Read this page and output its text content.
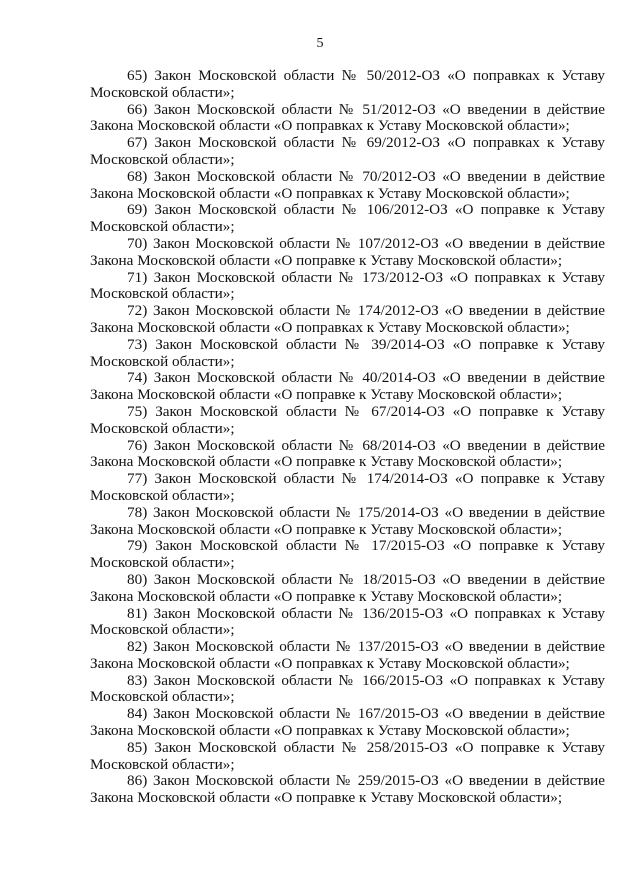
5

65) Закон Московской области № 50/2012-ОЗ «О поправках к Уставу Московской области»;

66) Закон Московской области № 51/2012-ОЗ «О введении в действие Закона Московской области «О поправках к Уставу Московской области»;

67) Закон Московской области № 69/2012-ОЗ «О поправках к Уставу Московской области»;

68) Закон Московской области № 70/2012-ОЗ «О введении в действие Закона Московской области «О поправках к Уставу Московской области»;

69) Закон Московской области № 106/2012-ОЗ «О поправке к Уставу Московской области»;

70) Закон Московской области № 107/2012-ОЗ «О введении в действие Закона Московской области «О поправке к Уставу Московской области»;

71) Закон Московской области № 173/2012-ОЗ «О поправках к Уставу Московской области»;

72) Закон Московской области № 174/2012-ОЗ «О введении в действие Закона Московской области «О поправках к Уставу Московской области»;

73) Закон Московской области № 39/2014-ОЗ «О поправке к Уставу Московской области»;

74) Закон Московской области № 40/2014-ОЗ «О введении в действие Закона Московской области «О поправке к Уставу Московской области»;

75) Закон Московской области № 67/2014-ОЗ «О поправке к Уставу Московской области»;

76) Закон Московской области № 68/2014-ОЗ «О введении в действие Закона Московской области «О поправке к Уставу Московской области»;

77) Закон Московской области № 174/2014-ОЗ «О поправке к Уставу Московской области»;

78) Закон Московской области № 175/2014-ОЗ «О введении в действие Закона Московской области «О поправке к Уставу Московской области»;

79) Закон Московской области № 17/2015-ОЗ «О поправке к Уставу Московской области»;

80) Закон Московской области № 18/2015-ОЗ «О введении в действие Закона Московской области «О поправке к Уставу Московской области»;

81) Закон Московской области № 136/2015-ОЗ «О поправках к Уставу Московской области»;

82) Закон Московской области № 137/2015-ОЗ «О введении в действие Закона Московской области «О поправках к Уставу Московской области»;

83) Закон Московской области № 166/2015-ОЗ «О поправках к Уставу Московской области»;

84) Закон Московской области № 167/2015-ОЗ «О введении в действие Закона Московской области «О поправках к Уставу Московской области»;

85) Закон Московской области № 258/2015-ОЗ «О поправке к Уставу Московской области»;

86) Закон Московской области № 259/2015-ОЗ «О введении в действие Закона Московской области «О поправке к Уставу Московской области»;
